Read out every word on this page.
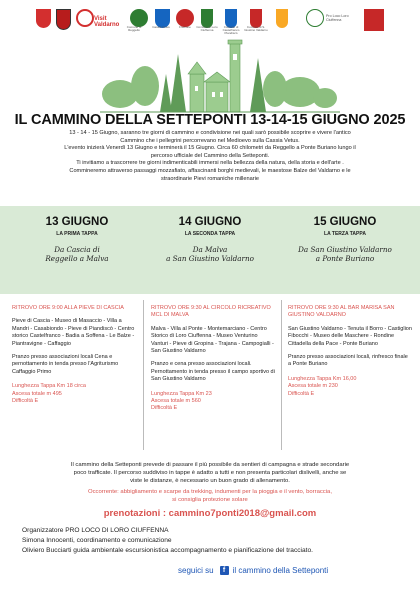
Visit
Valdarno
Pro Loco Loro Ciuffenna
Comune di Reggello
Cassia Vetus	Frazione	Comune di Loro Ciuffenna
Comune di Castelfranco Piandiscò
Comune di S. Giustino Valdarno
IL CAMMINO DELLA SETTEPONTI 13-14-15 GIUGNO 2025

13 - 14 - 15 Giugno, saranno tre giorni di cammino e condivisione nei quali sarò possibile scoprire e vivere l'antico

Cammino che i pellegrini percorrevano nel Medioevo sulla Cassia Vetus.

L'evento inizierà Venerdì 13 Giugno e terminerà il 15 Giugno. Circa 60 chilometri da Reggello a Ponte Buriano lungo il

percorso ufficiale del Cammino della Setteponti.

Ti invitiamo a trascorrere tre giorni indimenticabili immersi nella bellezza della natura, della storia e dell'arte .

Commineremo attraverso passaggi mozzafiato, affascinanti borghi medievali, le maestose Balze del Valdarno e le

straordinarie Pievi romaniche millenarie

13 GIUGNO
LA PRIMA TAPPA
Da Cascia di
Reggello a Malva
14 GIUGNO
LA SECONDA TAPPA
Da Malva
a San Giustino Valdarno
15 GIUGNO
LA TERZA TAPPA
Da San Giustino Valdarno
a Ponte Buriano
RITROVO ORE 9:00 ALLA PIEVE DI CASCIA
Pieve di Cascia - Museo di Masaccio - Villa a Mandri - Casabiondo - Pieve di Piandiscò - Centro storico Castelfranco - Badia a Soffena - Le Balze - Piantravigne - Caffaggio
Pranzo presso associazioni locali Cena e pernottamento in tenda presso l'Agriturismo Caffaggio Primo
Lunghezza Tappa Km 18 circa
Ascesa totale m 495
Difficoltà E
RITROVO ORE 9:30 AL CIRCOLO RICREATIVO MCL DI MALVA
Malva - Villa al Ponte - Montemarciano - Centro Storico di Loro Ciuffenna - Museo Venturino Vanturi - Pieve di Gropina - Trajana - Campogialli - San Giustino Valdarno
Pranzo e cena presso associazioni locali. Pernottamento in tenda presso il campo sportivo di San Giustino Valdarno
Lunghezza Tappa Km 23
Ascesa totale m 560
Difficoltà E
RITROVO ORE 9:30 AL BAR MARISA SAN GIUSTINO VALDARNO
San Giustino Valdarno - Tenuta il Borro - Castiglion Fibocchi - Museo delle Maschere - Rondine Cittadella della Pace - Ponte Buriano
Pranzo presso associazioni locali, rinfresco finale a Ponte Buriano
Lunghezza Tappa Km 16,00
Ascesa totale m 230
Difficoltà E

Il cammino della Setteponti prevede di passare il più possibile da sentieri di campagna e strade secondarie

poco trafficate. Il percorso suddiviso in tappe è adatto a tutti e non presenta particolari dislivelli, anche se

viste le distanze, è necessario un buon grado di allenamento.

Occorrente: abbigliamento e scarpe da trekking, indumenti per la pioggia e il vento, borraccia,
si consiglia protezione solare
prenotazioni : cammino7ponti2018@gmail.com

Organizzatore PRO LOCO DI LORO CIUFFENNA

Simona Innocenti, coordinamento e comunicazione

Oliviero Bucciarti guida ambientale escursionistica accompagnamento e pianificazione del tracciato.

seguici su f il cammino della Setteponti
